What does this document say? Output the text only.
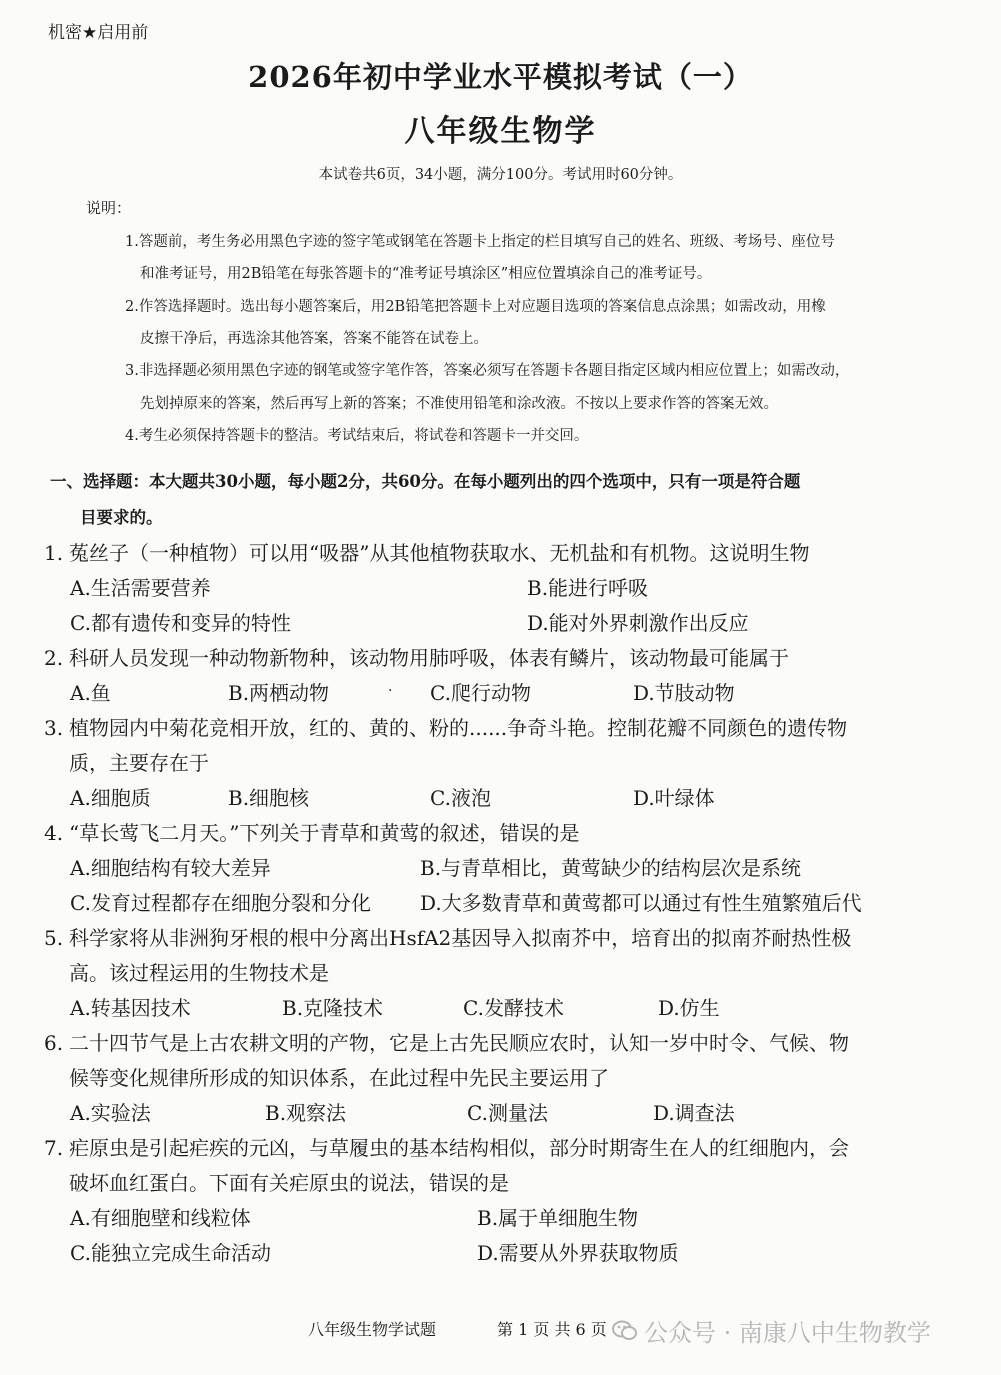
机密★启用前
2026年初中学业水平模拟考试（一）
八年级生物学
本试卷共6页，34小题，满分100分。考试用时60分钟。
说明：
1.答题前，考生务必用黑色字迹的签字笔或钢笔在答题卡上指定的栏目填写自己的姓名、班级、考场号、座位号
和准考证号，用2B铅笔在每张答题卡的“准考证号填涂区”相应位置填涂自己的准考证号。
2.作答选择题时。选出每小题答案后，用2B铅笔把答题卡上对应题目选项的答案信息点涂黑；如需改动，用橡
皮擦干净后，再选涂其他答案，答案不能答在试卷上。
3.非选择题必须用黑色字迹的钢笔或签字笔作答，答案必须写在答题卡各题目指定区域内相应位置上；如需改动，
先划掉原来的答案，然后再写上新的答案；不准使用铅笔和涂改液。不按以上要求作答的答案无效。
4.考生必须保持答题卡的整洁。考试结束后，将试卷和答题卡一并交回。
一、选择题：本大题共30小题，每小题2分，共60分。在每小题列出的四个选项中，只有一项是符合题
目要求的。
1. 菟丝子（一种植物）可以用“吸器”从其他植物获取水、无机盐和有机物。这说明生物
A.生活需要营养	B.能进行呼吸
C.都有遗传和变异的特性	D.能对外界刺激作出反应
2. 科研人员发现一种动物新物种，该动物用肺呼吸，体表有鳞片，该动物最可能属于
A.鱼	B.两栖动物	· C.爬行动物	D.节肢动物
3. 植物园内中菊花竞相开放，红的、黄的、粉的......争奇斗艳。控制花瓣不同颜色的遗传物
质，主要存在于
A.细胞质	B.细胞核	C.液泡	D.叶绿体
4. “草长莺飞二月天。”下列关于青草和黄莺的叙述，错误的是
A.细胞结构有较大差异	B.与青草相比，黄莺缺少的结构层次是系统
C.发育过程都存在细胞分裂和分化 D.大多数青草和黄莺都可以通过有性生殖繁殖后代
5. 科学家将从非洲狗牙根的根中分离出HsfA2基因导入拟南芥中，培育出的拟南芥耐热性极
高。该过程运用的生物技术是
A.转基因技术	B.克隆技术	C.发酵技术	D.仿生
6. 二十四节气是上古农耕文明的产物，它是上古先民顺应农时，认知一岁中时令、气候、物
候等变化规律所形成的知识体系，在此过程中先民主要运用了
A.实验法	B.观察法	C.测量法	D.调查法
7. 疟原虫是引起疟疾的元凶，与草履虫的基本结构相似，部分时期寄生在人的红细胞内，会
破坏血红蛋白。下面有关疟原虫的说法，错误的是
A.有细胞壁和线粒体	B.属于单细胞生物
C.能独立完成生命活动	D.需要从外界获取物质
八年级生物学试题	第 1 页 共 6 页 公众号 · 南康八中生物教学
